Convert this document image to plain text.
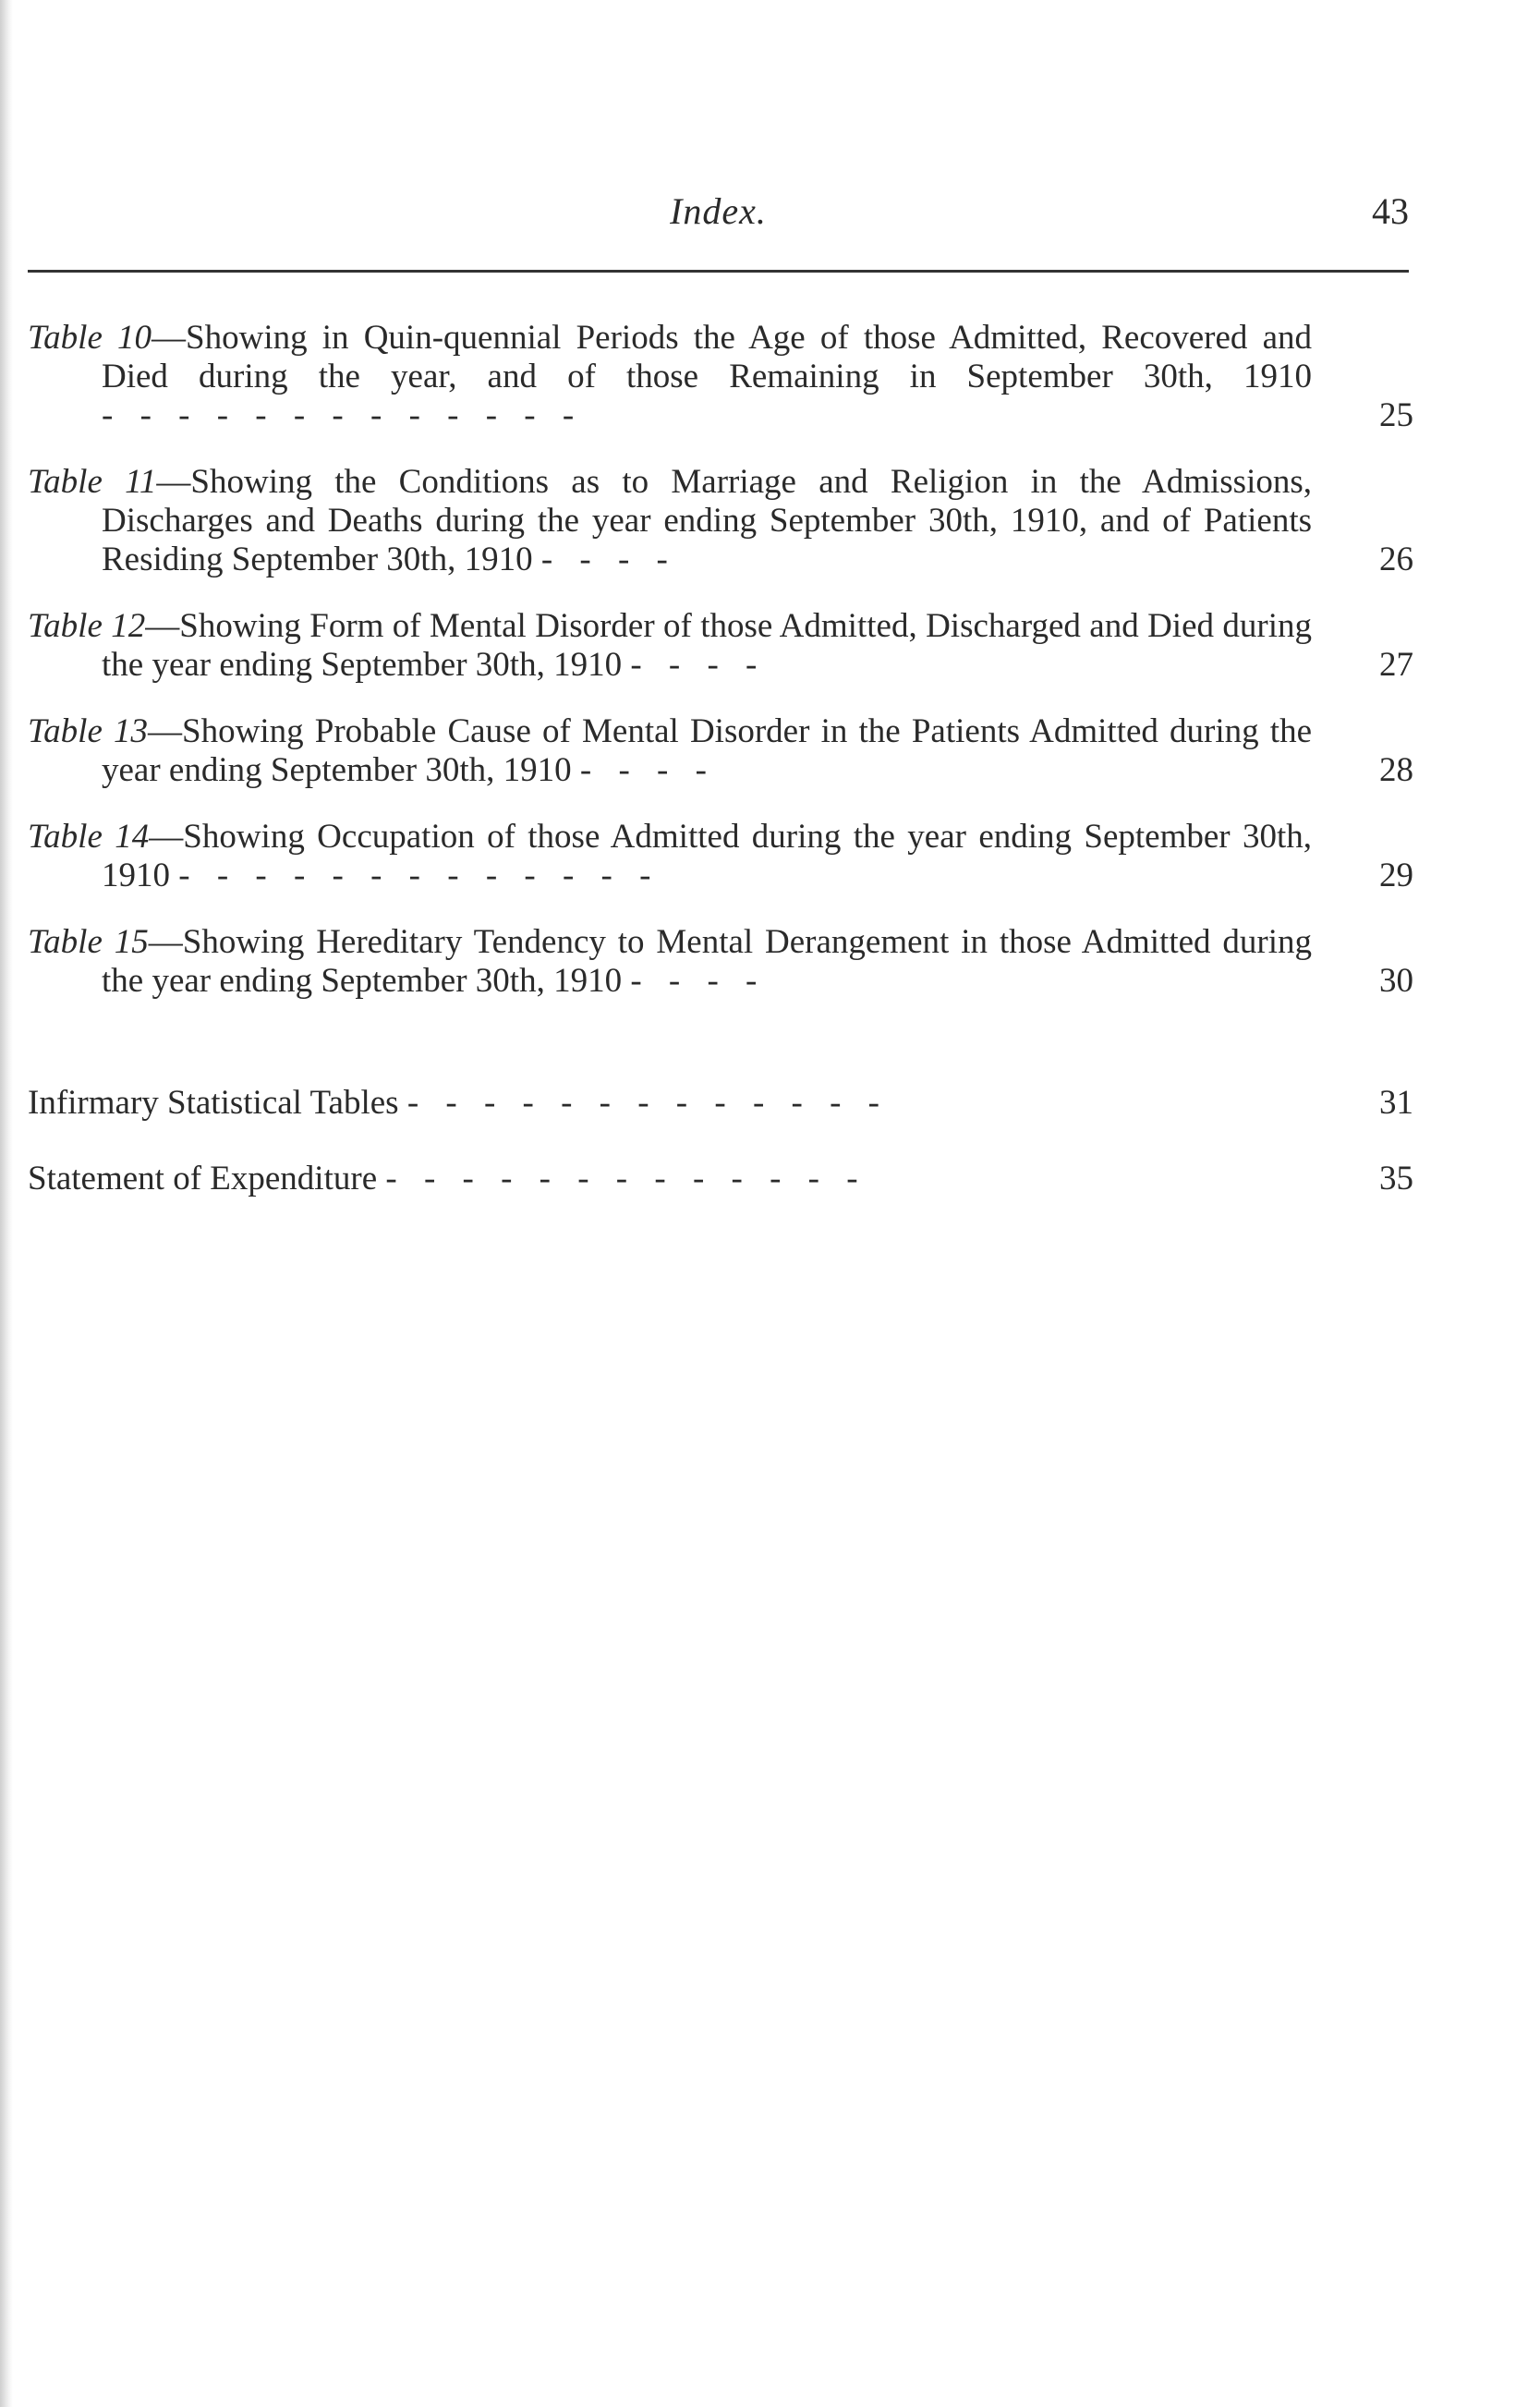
Index.	43
Table 10—Showing in Quin-quennial Periods the Age of those Admitted, Recovered and Died during the year, and of those Remaining in September 30th, 1910 - - - - - - - - - - - - -	25
Table 11—Showing the Conditions as to Marriage and Religion in the Admissions, Discharges and Deaths during the year ending September 30th, 1910, and of Patients Residing September 30th, 1910 - - - -	26
Table 12—Showing Form of Mental Disorder of those Admitted, Discharged and Died during the year ending September 30th, 1910 - - - -	27
Table 13—Showing Probable Cause of Mental Disorder in the Patients Admitted during the year ending September 30th, 1910 - - - -	28
Table 14—Showing Occupation of those Admitted during the year ending September 30th, 1910 - - - - - - - - - - - - -	29
Table 15—Showing Hereditary Tendency to Mental Derangement in those Admitted during the year ending September 30th, 1910 - - - -	30
Infirmary Statistical Tables - - - - - - - - - - - - -	31
Statement of Expenditure - - - - - - - - - - - - -	35
